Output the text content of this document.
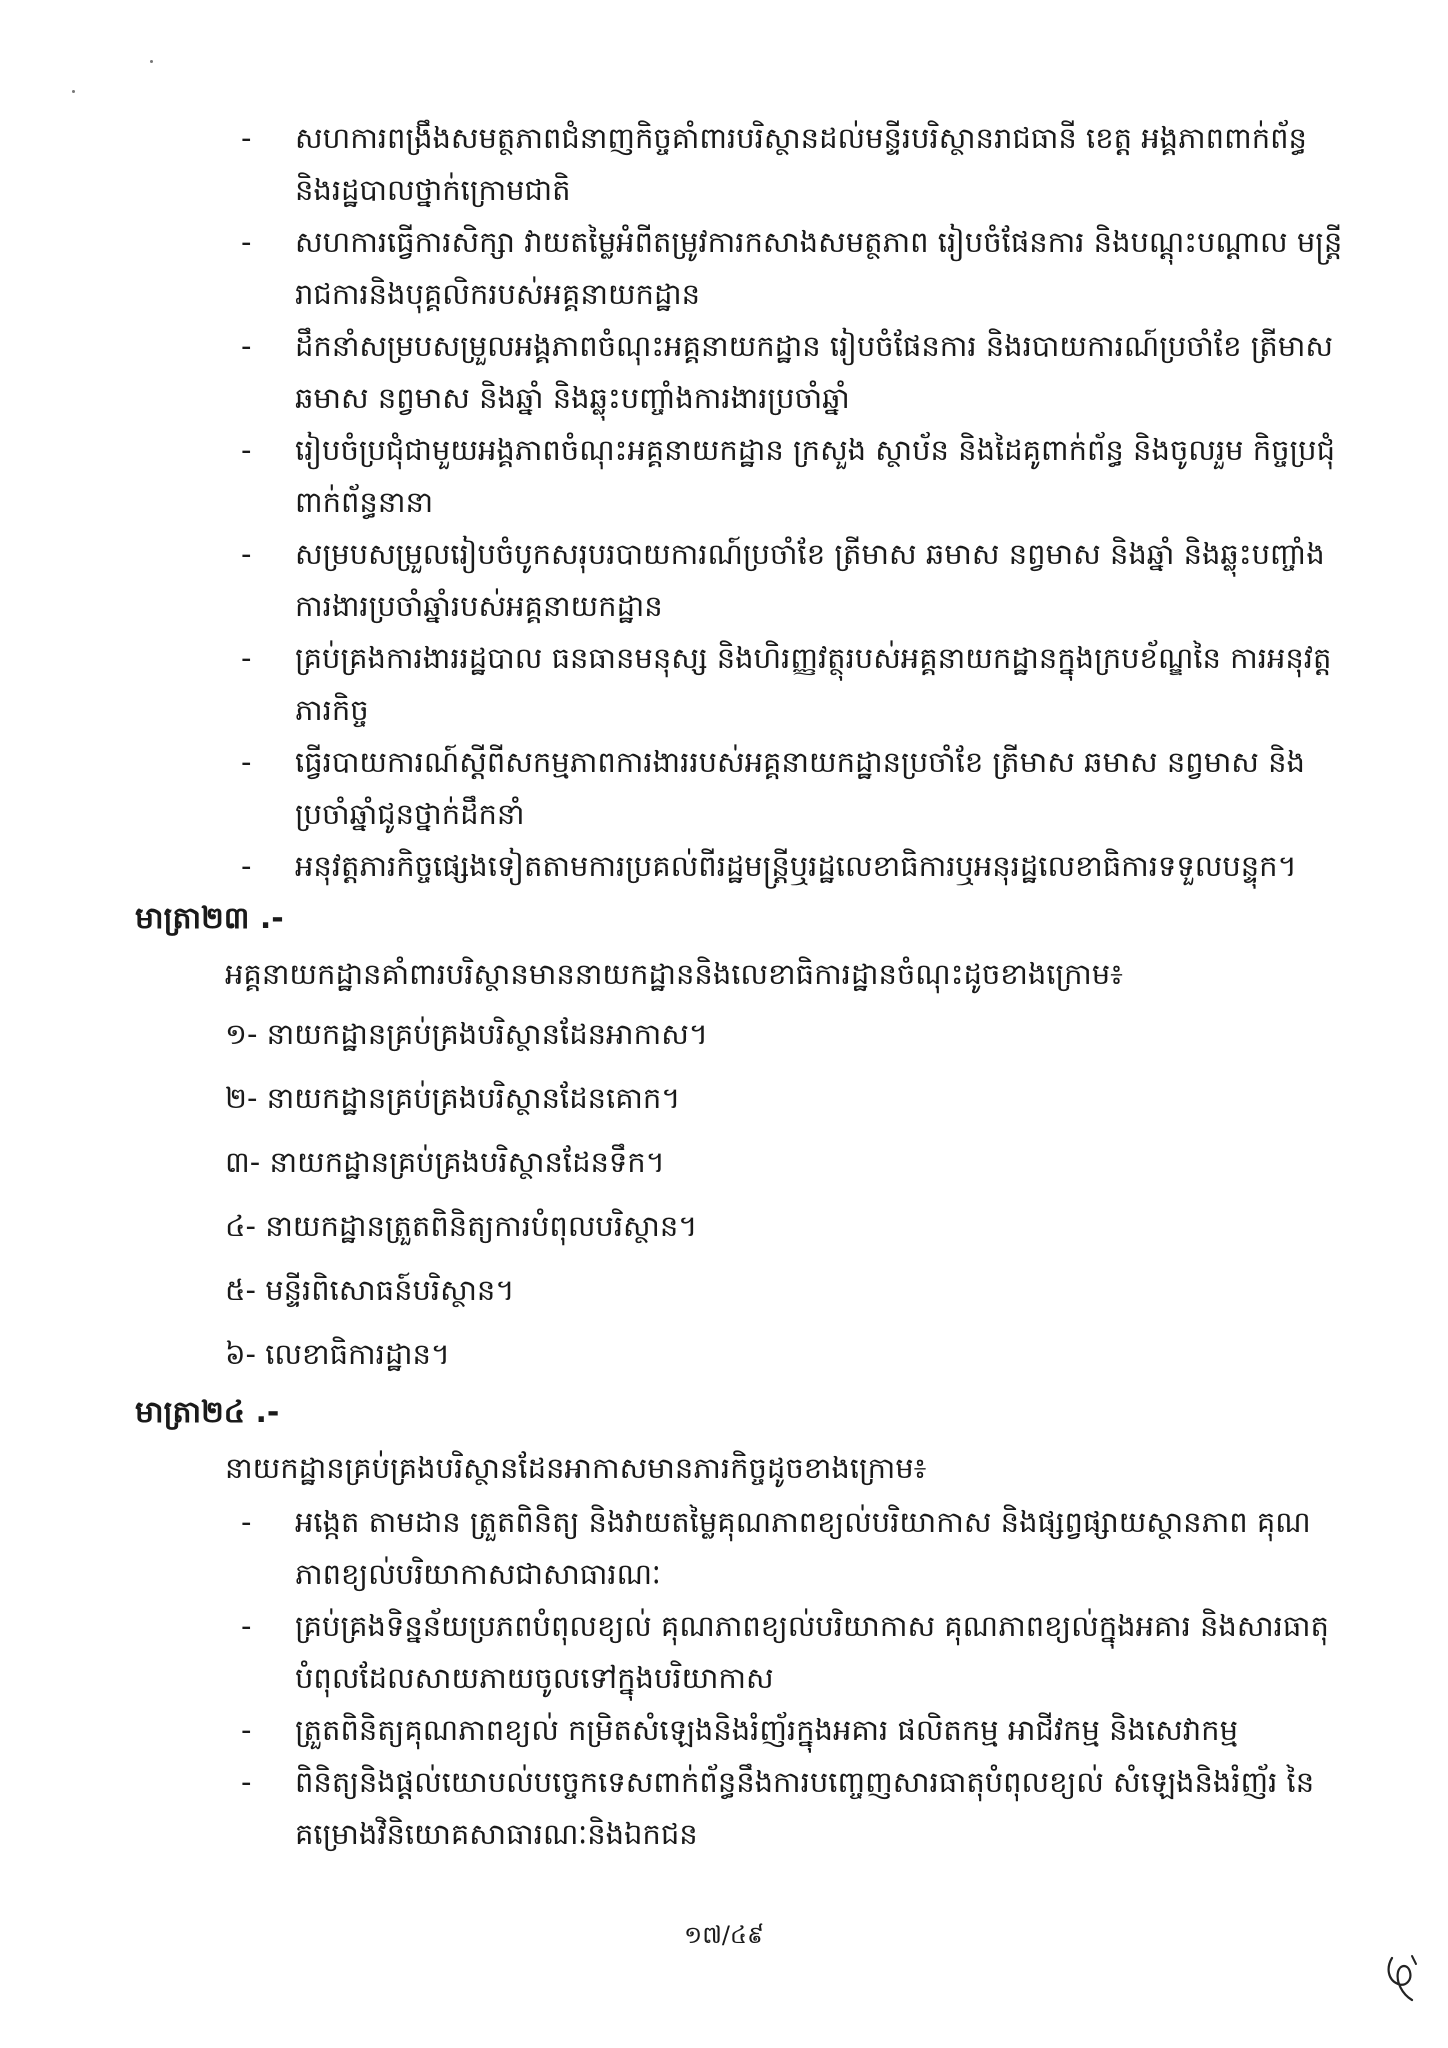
-	សហការពង្រឹងសមត្ថភាពជំនាញកិច្ចគាំពារបរិស្ថានដល់មន្ទីរបរិស្ថានរាជធានី ខេត្ត អង្គភាពពាក់ព័ន្ធ និងរដ្ឋបាលថ្នាក់ក្រោមជាតិ
-	សហការធ្វើការសិក្សា វាយតម្លៃអំពីតម្រូវការកសាងសមត្ថភាព រៀបចំផែនការ និងបណ្តុះបណ្តាល មន្ត្រីរាជការនិងបុគ្គលិករបស់អគ្គនាយកដ្ឋាន
-	ដឹកនាំសម្របសម្រួលអង្គភាពចំណុះអគ្គនាយកដ្ឋាន រៀបចំផែនការ និងរបាយការណ៍ប្រចាំខែ ត្រីមាស ឆមាស នព្វមាស និងឆ្នាំ និងឆ្លុះបញ្ចាំងការងារប្រចាំឆ្នាំ
-	រៀបចំប្រជុំជាមួយអង្គភាពចំណុះអគ្គនាយកដ្ឋាន ក្រសួង ស្ថាប័ន និងដៃគូពាក់ព័ន្ធ និងចូលរួម កិច្ចប្រជុំពាក់ព័ន្ធនានា
-	សម្របសម្រួលរៀបចំបូកសរុបរបាយការណ៍ប្រចាំខែ ត្រីមាស ឆមាស នព្វមាស និងឆ្នាំ និងឆ្លុះបញ្ចាំង ការងារប្រចាំឆ្នាំរបស់អគ្គនាយកដ្ឋាន
-	គ្រប់គ្រងការងាររដ្ឋបាល ធនធានមនុស្ស និងហិរញ្ញវត្ថុរបស់អគ្គនាយកដ្ឋានក្នុងក្របខ័ណ្ឌនៃ ការអនុវត្តភារកិច្ច
-	ធ្វើរបាយការណ៍ស្តីពីសកម្មភាពការងាររបស់អគ្គនាយកដ្ឋានប្រចាំខែ ត្រីមាស ឆមាស នព្វមាស និងប្រចាំឆ្នាំជូនថ្នាក់ដឹកនាំ
-	អនុវត្តភារកិច្ចផ្សេងទៀតតាមការប្រគល់ពីរដ្ឋមន្ត្រីឬរដ្ឋលេខាធិការឬអនុរដ្ឋលេខាធិការទទួលបន្ទុក។
មាត្រា២៣ .-
អគ្គនាយកដ្ឋានគាំពារបរិស្ថានមាននាយកដ្ឋាននិងលេខាធិការដ្ឋានចំណុះដូចខាងក្រោម៖
១- នាយកដ្ឋានគ្រប់គ្រងបរិស្ថានដែនអាកាស។
២- នាយកដ្ឋានគ្រប់គ្រងបរិស្ថានដែនគោក។
៣- នាយកដ្ឋានគ្រប់គ្រងបរិស្ថានដែនទឹក។
៤- នាយកដ្ឋានត្រួតពិនិត្យការបំពុលបរិស្ថាន។
៥- មន្ទីរពិសោធន៍បរិស្ថាន។
៦- លេខាធិការដ្ឋាន។
មាត្រា២៤ .-
នាយកដ្ឋានគ្រប់គ្រងបរិស្ថានដែនអាកាសមានភារកិច្ចដូចខាងក្រោម៖
-	អង្កេត តាមដាន ត្រួតពិនិត្យ និងវាយតម្លៃគុណភាពខ្យល់បរិយាកាស និងផ្សព្វផ្សាយស្ថានភាព គុណភាពខ្យល់បរិយាកាសជាសាធារណៈ
-	គ្រប់គ្រងទិន្នន័យប្រភពបំពុលខ្យល់ គុណភាពខ្យល់បរិយាកាស គុណភាពខ្យល់ក្នុងអគារ និងសារធាតុ បំពុលដែលសាយភាយចូលទៅក្នុងបរិយាកាស
-	ត្រួតពិនិត្យគុណភាពខ្យល់ កម្រិតសំឡេងនិងរំញ័រក្នុងអគារ ផលិតកម្ម អាជីវកម្ម និងសេវាកម្ម
-	ពិនិត្យនិងផ្តល់យោបល់បច្ចេកទេសពាក់ព័ន្ធនឹងការបញ្ចេញសារធាតុបំពុលខ្យល់ សំឡេងនិងរំញ័រ នៃគម្រោងវិនិយោគសាធារណៈនិងឯកជន
១៧/៤៩
